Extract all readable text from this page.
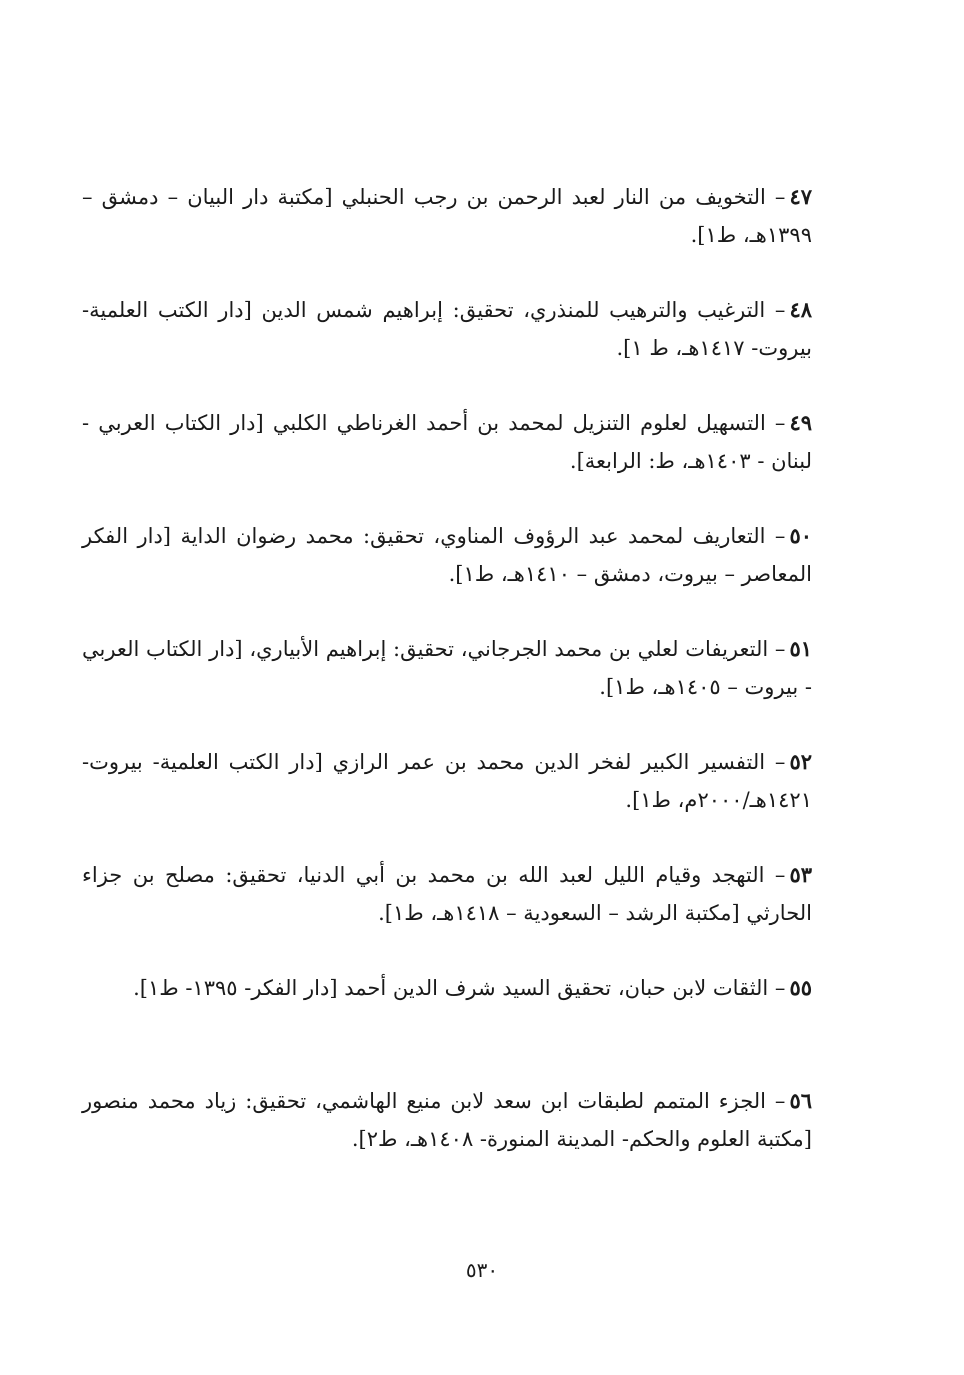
٤٧– التخويف من النار لعبد الرحمن بن رجب الحنبلي [مكتبة دار البيان – دمشق – ١٣٩٩هـ، ط١].
٤٨– الترغيب والترهيب للمنذري، تحقيق: إبراهيم شمس الدين [دار الكتب العلمية- بيروت- ١٤١٧هـ، ط ١].
٤٩– التسهيل لعلوم التنزيل لمحمد بن أحمد الغرناطي الكلبي [دار الكتاب العربي - لبنان - ١٤٠٣هـ، ط: الرابعة].
٥٠– التعاريف لمحمد عبد الرؤوف المناوي، تحقيق: محمد رضوان الداية [دار الفكر المعاصر – بيروت، دمشق – ١٤١٠هـ، ط١].
٥١– التعريفات لعلي بن محمد الجرجاني، تحقيق: إبراهيم الأبياري، [دار الكتاب العربي - بيروت – ١٤٠٥هـ، ط١].
٥٢– التفسير الكبير لفخر الدين محمد بن عمر الرازي [دار الكتب العلمية- بيروت- ١٤٢١هـ/٢٠٠٠م، ط١].
٥٣– التهجد وقيام الليل لعبد الله بن محمد بن أبي الدنيا، تحقيق: مصلح بن جزاء الحارثي [مكتبة الرشد – السعودية – ١٤١٨هـ، ط١].
٥٥– الثقات لابن حبان، تحقيق السيد شرف الدين أحمد [دار الفكر- ١٣٩٥- ط١].
٥٦– الجزء المتمم لطبقات ابن سعد لابن منيع الهاشمي، تحقيق: زياد محمد منصور [مكتبة العلوم والحكم- المدينة المنورة- ١٤٠٨هـ، ط٢].
٥٣٠
